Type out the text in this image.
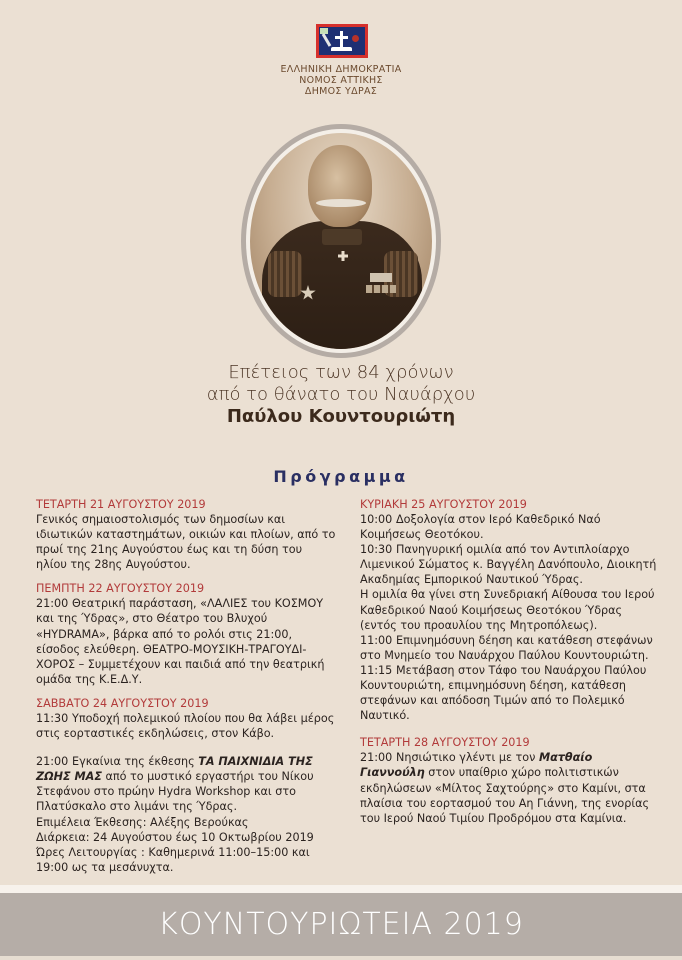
ΕΛΛΗΝΙΚΗ ΔΗΜΟΚΡΑΤΙΑ
ΝΟΜΟΣ ΑΤΤΙΚΗΣ
ΔΗΜΟΣ ΥΔΡΑΣ
Επέτειος των 84 χρόνων
από το θάνατο του Ναυάρχου
Παύλου Κουντουριώτη
Πρόγραμμα
ΤΕΤΑΡΤΗ 21 ΑΥΓΟΥΣΤΟΥ 2019

Γενικός σημαιοστολισμός των δημοσίων και ιδιωτικών καταστημάτων, οικιών και πλοίων, από το πρωί της 21ης Αυγούστου έως και τη δύση του ηλίου της 28ης Αυγούστου.

ΠΕΜΠΤΗ 22 ΑΥΓΟΥΣΤΟΥ 2019

21:00 Θεατρική παράσταση, «ΛΑΛΙΕΣ του ΚΟΣΜΟΥ και της Ύδρας», στο Θέατρο του Βλυχού «HYDRAMA», βάρκα από το ρολόι στις 21:00, είσοδος ελεύθερη. ΘΕΑΤΡΟ-ΜΟΥΣΙΚΗ-ΤΡΑΓΟΥΔΙ-ΧΟΡΟΣ – Συμμετέχουν και παιδιά από την θεατρική ομάδα της Κ.Ε.Δ.Υ.

ΣΑΒΒΑΤΟ 24 ΑΥΓΟΥΣΤΟΥ 2019

11:30 Υποδοχή πολεμικού πλοίου που θα λάβει μέρος στις εορταστικές εκδηλώσεις, στον Κάβο.

21:00 Εγκαίνια της έκθεσης ΤΑ ΠΑΙΧΝΙΔΙΑ ΤΗΣ ΖΩΗΣ ΜΑΣ από το μυστικό εργαστήρι του Νίκου Στεφάνου στο πρώην Hydra Workshop και στο Πλατύσκαλο στο λιμάνι της Ύδρας.

Επιμέλεια Έκθεσης: Αλέξης Βερούκας

Διάρκεια: 24 Αυγούστου έως 10 Οκτωβρίου 2019

Ώρες Λειτουργίας : Καθημερινά 11:00–15:00 και 19:00 ως τα μεσάνυχτα.

ΚΥΡΙΑΚΗ 25 ΑΥΓΟΥΣΤΟΥ 2019

10:00 Δοξολογία στον Ιερό Καθεδρικό Ναό Κοιμήσεως Θεοτόκου.

10:30 Πανηγυρική ομιλία από τον Αντιπλοίαρχο Λιμενικού Σώματος κ. Βαγγέλη Δανόπουλο, Διοικητή Ακαδημίας Εμπορικού Ναυτικού Ύδρας.

Η ομιλία θα γίνει στη Συνεδριακή Αίθουσα του Ιερού Καθεδρικού Ναού Κοιμήσεως Θεοτόκου Ύδρας (εντός του προαυλίου της Μητροπόλεως).

11:00 Επιμνημόσυνη δέηση και κατάθεση στεφάνων στο Μνημείο του Ναυάρχου Παύλου Κουντουριώτη.

11:15 Μετάβαση στον Τάφο του Ναυάρχου Παύλου Κουντουριώτη, επιμνημόσυνη δέηση, κατάθεση στεφάνων και απόδοση Τιμών από το Πολεμικό Ναυτικό.

ΤΕΤΑΡΤΗ 28 ΑΥΓΟΥΣΤΟΥ 2019

21:00 Νησιώτικο γλέντι με τον Ματθαίο Γιαννούλη στον υπαίθριο χώρο πολιτιστικών εκδηλώσεων «Μίλτος Σαχτούρης» στο Καμίνι, στα πλαίσια του εορτασμού του Αη Γιάννη, της ενορίας του Ιερού Ναού Τιμίου Προδρόμου στα Καμίνια.

ΚΟΥΝΤΟΥΡΙΩΤΕΙΑ 2019
